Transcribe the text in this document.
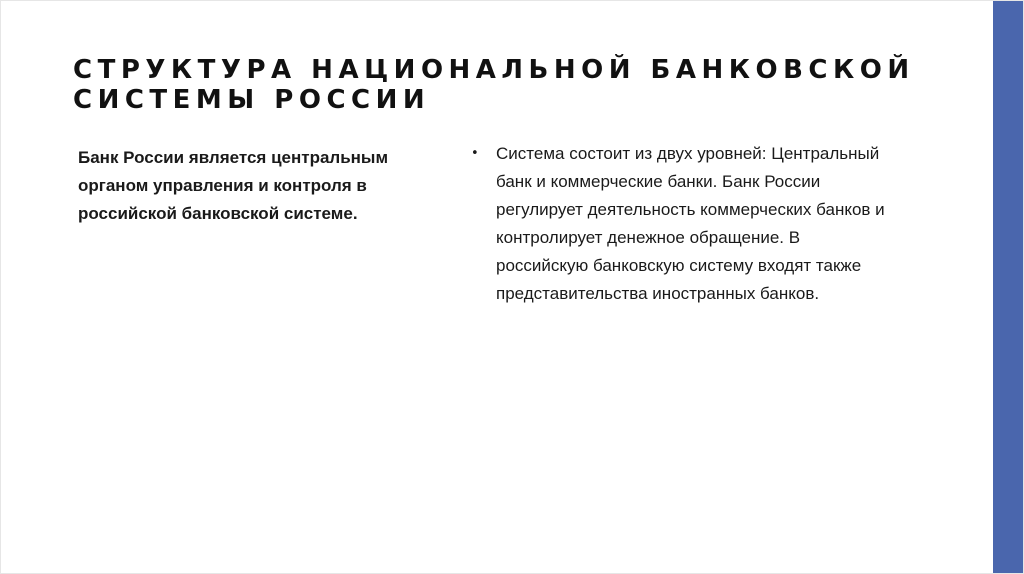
СТРУКТУРА НАЦИОНАЛЬНОЙ БАНКОВСКОЙ СИСТЕМЫ РОССИИ

Банк России является центральным органом управления и контроля в российской банковской системе.

• Система состоит из двух уровней: Центральный банк и коммерческие банки. Банк России регулирует деятельность коммерческих банков и контролирует денежное обращение. В российскую банковскую систему входят также представительства иностранных банков.
